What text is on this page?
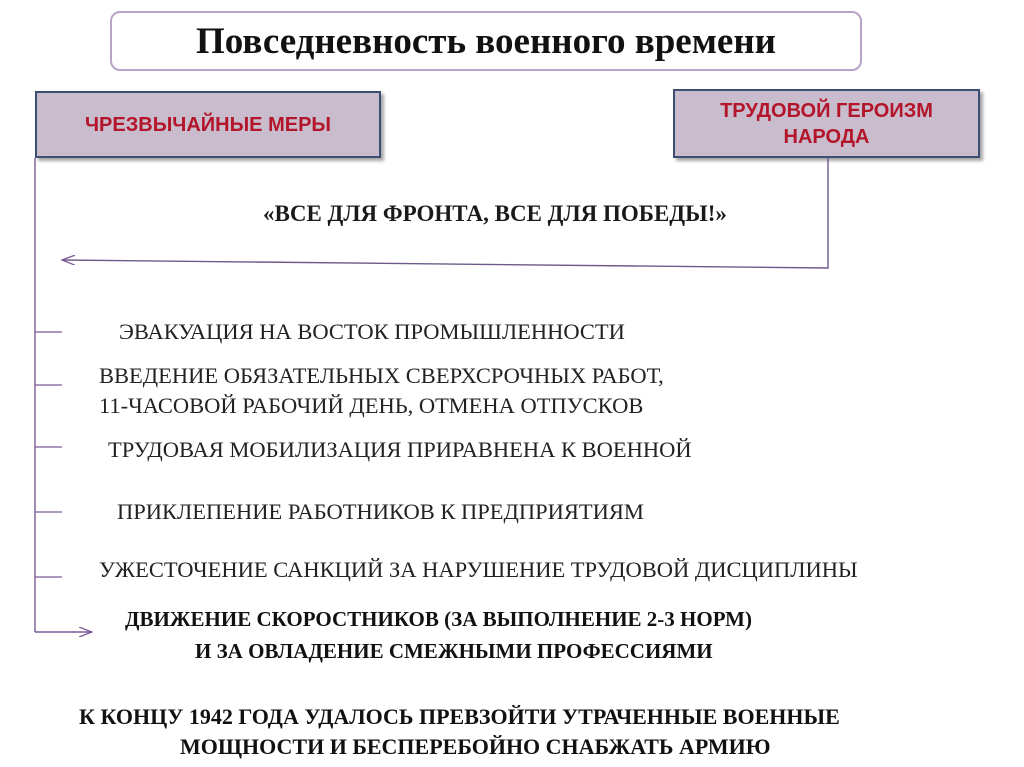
Повседневность военного времени
ЧРЕЗВЫЧАЙНЫЕ МЕРЫ
ТРУДОВОЙ ГЕРОИЗМ
НАРОДА
«ВСЕ ДЛЯ ФРОНТА, ВСЕ ДЛЯ ПОБЕДЫ!»
ЭВАКУАЦИЯ НА ВОСТОК ПРОМЫШЛЕННОСТИ
ВВЕДЕНИЕ ОБЯЗАТЕЛЬНЫХ СВЕРХСРОЧНЫХ РАБОТ,
11-ЧАСОВОЙ РАБОЧИЙ ДЕНЬ, ОТМЕНА ОТПУСКОВ
ТРУДОВАЯ МОБИЛИЗАЦИЯ ПРИРАВНЕНА К ВОЕННОЙ
ПРИКЛЕПЕНИЕ РАБОТНИКОВ К ПРЕДПРИЯТИЯМ
УЖЕСТОЧЕНИЕ САНКЦИЙ ЗА НАРУШЕНИЕ ТРУДОВОЙ ДИСЦИПЛИНЫ
ДВИЖЕНИЕ СКОРОСТНИКОВ (ЗА ВЫПОЛНЕНИЕ 2-3 НОРМ)
И ЗА ОВЛАДЕНИЕ СМЕЖНЫМИ ПРОФЕССИЯМИ
К КОНЦУ 1942 ГОДА УДАЛОСЬ ПРЕВЗОЙТИ УТРАЧЕННЫЕ ВОЕННЫЕ
МОЩНОСТИ И БЕСПЕРЕБОЙНО СНАБЖАТЬ АРМИЮ
